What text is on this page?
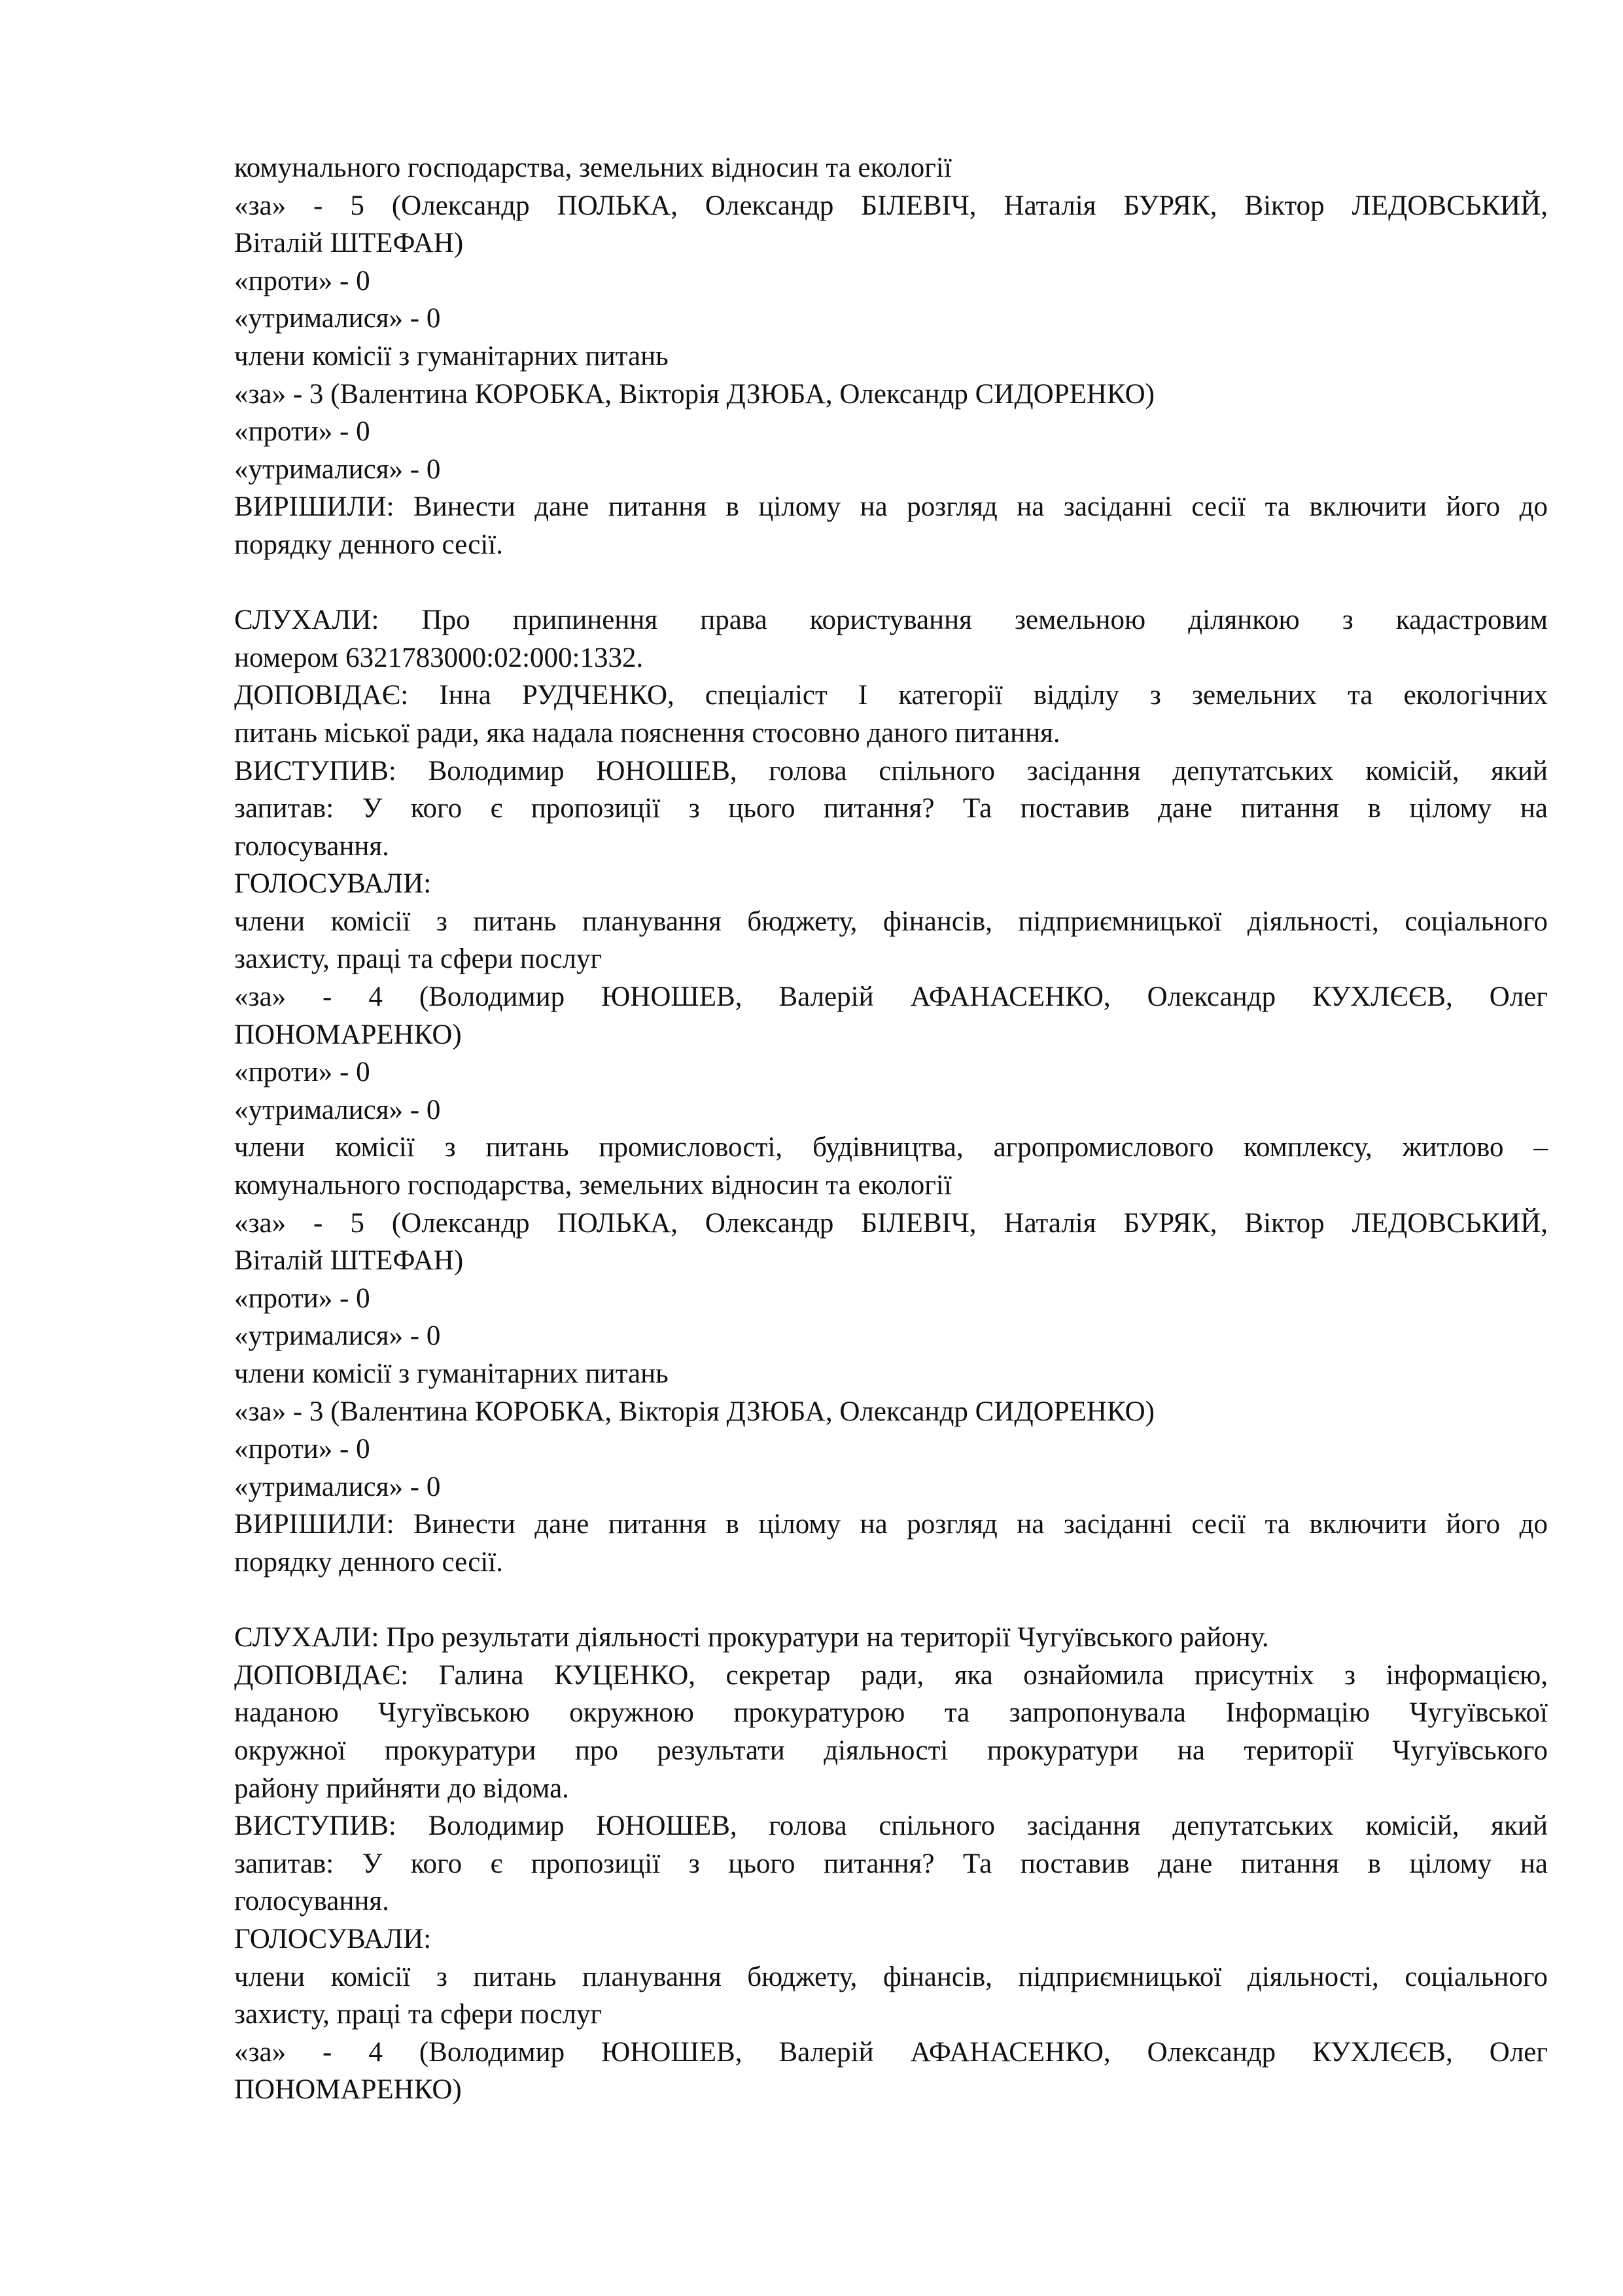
комунального господарства, земельних відносин та екології
«за» - 5 (Олександр ПОЛЬКА, Олександр БІЛЕВІЧ, Наталія БУРЯК, Віктор ЛЕДОВСЬКИЙ,
Віталій ШТЕФАН)
«проти» - 0
«утрималися» - 0
члени комісії з гуманітарних питань
«за» - 3 (Валентина КОРОБКА, Вікторія ДЗЮБА, Олександр СИДОРЕНКО)
«проти» - 0
«утрималися» - 0
ВИРІШИЛИ: Винести дане питання в цілому на розгляд на засіданні сесії та включити його до
порядку денного сесії.
СЛУХАЛИ: Про припинення права користування земельною ділянкою з кадастровим
номером 6321783000:02:000:1332.
ДОПОВІДАЄ: Інна РУДЧЕНКО, спеціаліст І категорії відділу з земельних та екологічних
питань міської ради, яка надала пояснення стосовно даного питання.
ВИСТУПИВ: Володимир ЮНОШЕВ, голова спільного засідання депутатських комісій, який
запитав: У кого є пропозиції з цього питання? Та поставив дане питання в цілому на
голосування.
ГОЛОСУВАЛИ:
члени комісії з питань планування бюджету, фінансів, підприємницької діяльності, соціального
захисту, праці та сфери послуг
«за» - 4 (Володимир ЮНОШЕВ, Валерій АФАНАСЕНКО, Олександр КУХЛЄЄВ, Олег
ПОНОМАРЕНКО)
«проти» - 0
«утрималися» - 0
члени комісії з питань промисловості, будівництва, агропромислового комплексу, житлово –
комунального господарства, земельних відносин та екології
«за» - 5 (Олександр ПОЛЬКА, Олександр БІЛЕВІЧ, Наталія БУРЯК, Віктор ЛЕДОВСЬКИЙ,
Віталій ШТЕФАН)
«проти» - 0
«утрималися» - 0
члени комісії з гуманітарних питань
«за» - 3 (Валентина КОРОБКА, Вікторія ДЗЮБА, Олександр СИДОРЕНКО)
«проти» - 0
«утрималися» - 0
ВИРІШИЛИ: Винести дане питання в цілому на розгляд на засіданні сесії та включити його до
порядку денного сесії.
СЛУХАЛИ: Про результати діяльності прокуратури на території Чугуївського району.
ДОПОВІДАЄ: Галина КУЦЕНКО, секретар ради, яка ознайомила присутніх з інформацією,
наданою Чугуївською окружною прокуратурою та запропонувала Інформацію Чугуївської
окружної прокуратури про результати діяльності прокуратури на території Чугуївського
району прийняти до відома.
ВИСТУПИВ: Володимир ЮНОШЕВ, голова спільного засідання депутатських комісій, який
запитав: У кого є пропозиції з цього питання? Та поставив дане питання в цілому на
голосування.
ГОЛОСУВАЛИ:
члени комісії з питань планування бюджету, фінансів, підприємницької діяльності, соціального
захисту, праці та сфери послуг
«за» - 4 (Володимир ЮНОШЕВ, Валерій АФАНАСЕНКО, Олександр КУХЛЄЄВ, Олег
ПОНОМАРЕНКО)
